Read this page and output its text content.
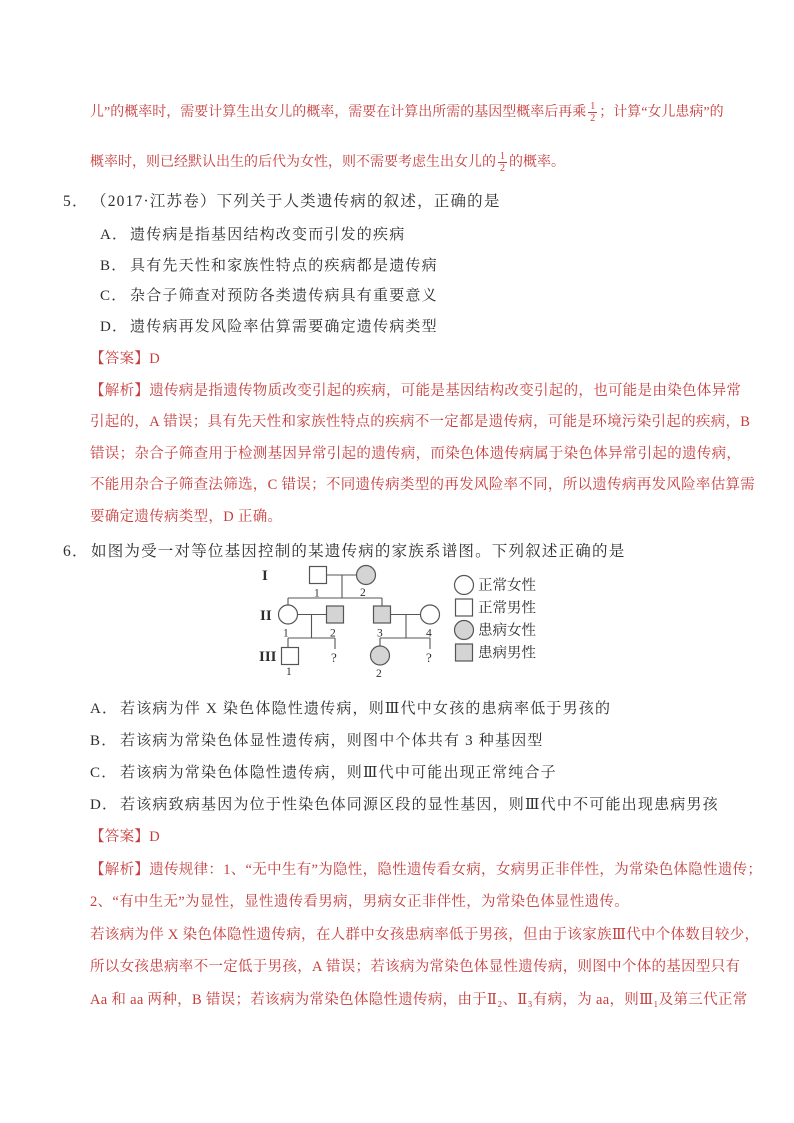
儿”的概率时，需要计算生出女儿的概率，需要在计算出所需的基因型概率后再乘 $\frac{1}{2}$ ；计算“女儿患病”的
概率时，则已经默认出生的后代为女性，则不需要考虑生出女儿的 $\frac{1}{2}$ 的概率。
5． （2017·江苏卷）下列关于人类遗传病的叙述，正确的是
A． 遗传病是指基因结构改变而引发的疾病
B． 具有先天性和家族性特点的疾病都是遗传病
C． 杂合子筛查对预防各类遗传病具有重要意义
D． 遗传病再发风险率估算需要确定遗传病类型
【答案】D
【解析】遗传病是指遗传物质改变引起的疾病，可能是基因结构改变引起的，也可能是由染色体异常
引起的，A 错误；具有先天性和家族性特点的疾病不一定都是遗传病，可能是环境污染引起的疾病，B
错误；杂合子筛查用于检测基因异常引起的遗传病，而染色体遗传病属于染色体异常引起的遗传病，
不能用杂合子筛查法筛选，C 错误；不同遗传病类型的再发风险率不同，所以遗传病再发风险率估算需
要确定遗传病类型，D 正确。
6． 如图为受一对等位基因控制的某遗传病的家族系谱图。下列叙述正确的是
I
II
III
1	2
1	2	3	4
1	2
?	?
正常女性
正常男性
患病女性
患病男性
A． 若该病为伴 X 染色体隐性遗传病，则Ⅲ代中女孩的患病率低于男孩的
B． 若该病为常染色体显性遗传病，则图中个体共有 3 种基因型
C． 若该病为常染色体隐性遗传病，则Ⅲ代中可能出现正常纯合子
D． 若该病致病基因为位于性染色体同源区段的显性基因，则Ⅲ代中不可能出现患病男孩
【答案】D
【解析】遗传规律：1、“无中生有”为隐性，隐性遗传看女病，女病男正非伴性，为常染色体隐性遗传；
2、“有中生无”为显性，显性遗传看男病，男病女正非伴性，为常染色体显性遗传。
若该病为伴 X 染色体隐性遗传病，在人群中女孩患病率低于男孩，但由于该家族Ⅲ代中个体数目较少，
所以女孩患病率不一定低于男孩，A 错误；若该病为常染色体显性遗传病，则图中个体的基因型只有
Aa 和 aa 两种，B 错误；若该病为常染色体隐性遗传病，由于Ⅱ₂、Ⅱ₃有病，为 aa，则Ⅲ₁及第三代正常
